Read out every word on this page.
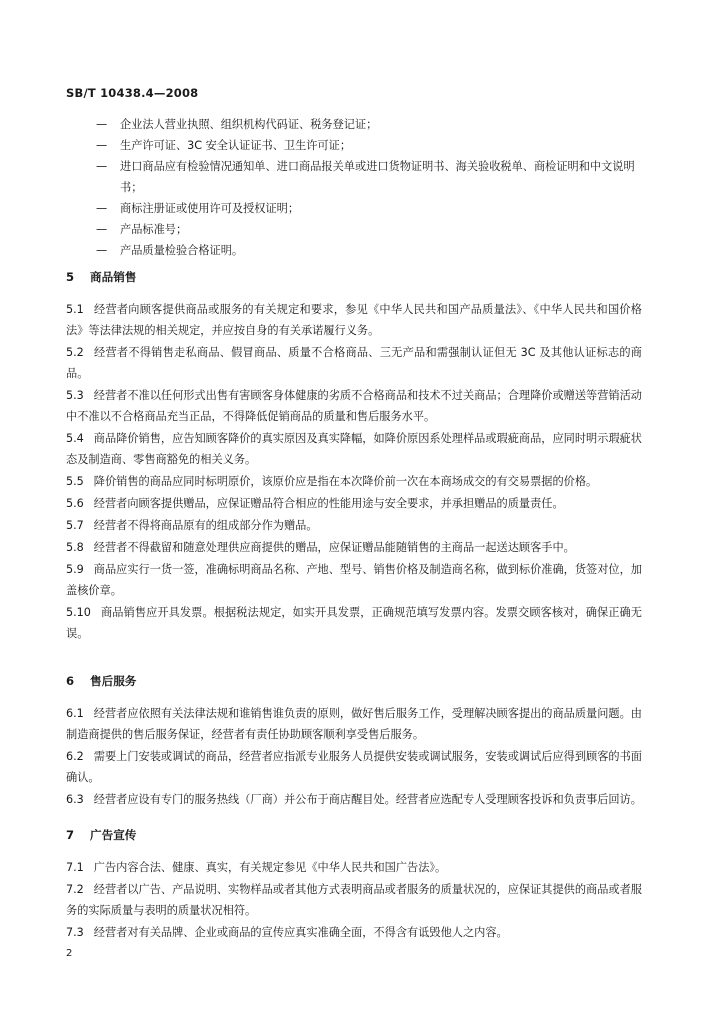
SB/T 10438.4—2008
—	企业法人营业执照、组织机构代码证、税务登记证；
—	生产许可证、3C 安全认证证书、卫生许可证；
—	进口商品应有检验情况通知单、进口商品报关单或进口货物证明书、海关验收税单、商检证明和中文说明书；
—	商标注册证或使用许可及授权证明；
—	产品标准号；
—	产品质量检验合格证明。
5 商品销售
5.1 经营者向顾客提供商品或服务的有关规定和要求，参见《中华人民共和国产品质量法》、《中华人民共和国价格法》等法律法规的相关规定，并应按自身的有关承诺履行义务。
5.2 经营者不得销售走私商品、假冒商品、质量不合格商品、三无产品和需强制认证但无 3C 及其他认证标志的商品。
5.3 经营者不准以任何形式出售有害顾客身体健康的劣质不合格商品和技术不过关商品；合理降价或赠送等营销活动中不准以不合格商品充当正品，不得降低促销商品的质量和售后服务水平。
5.4 商品降价销售，应告知顾客降价的真实原因及真实降幅，如降价原因系处理样品或瑕疵商品，应同时明示瑕疵状态及制造商、零售商豁免的相关义务。
5.5 降价销售的商品应同时标明原价，该原价应是指在本次降价前一次在本商场成交的有交易票据的价格。
5.6 经营者向顾客提供赠品，应保证赠品符合相应的性能用途与安全要求，并承担赠品的质量责任。
5.7 经营者不得将商品原有的组成部分作为赠品。
5.8 经营者不得截留和随意处理供应商提供的赠品，应保证赠品能随销售的主商品一起送达顾客手中。
5.9 商品应实行一货一签，准确标明商品名称、产地、型号、销售价格及制造商名称，做到标价准确，货签对位，加盖核价章。
5.10 商品销售应开具发票。根据税法规定，如实开具发票，正确规范填写发票内容。发票交顾客核对，确保正确无误。
6 售后服务
6.1 经营者应依照有关法律法规和谁销售谁负责的原则，做好售后服务工作，受理解决顾客提出的商品质量问题。由制造商提供的售后服务保证，经营者有责任协助顾客顺利享受售后服务。
6.2 需要上门安装或调试的商品，经营者应指派专业服务人员提供安装或调试服务，安装或调试后应得到顾客的书面确认。
6.3 经营者应设有专门的服务热线（厂商）并公布于商店醒目处。经营者应选配专人受理顾客投诉和负责事后回访。
7 广告宣传
7.1 广告内容合法、健康、真实，有关规定参见《中华人民共和国广告法》。
7.2 经营者以广告、产品说明、实物样品或者其他方式表明商品或者服务的质量状况的，应保证其提供的商品或者服务的实际质量与表明的质量状况相符。
7.3 经营者对有关品牌、企业或商品的宣传应真实准确全面，不得含有诋毁他人之内容。
2
